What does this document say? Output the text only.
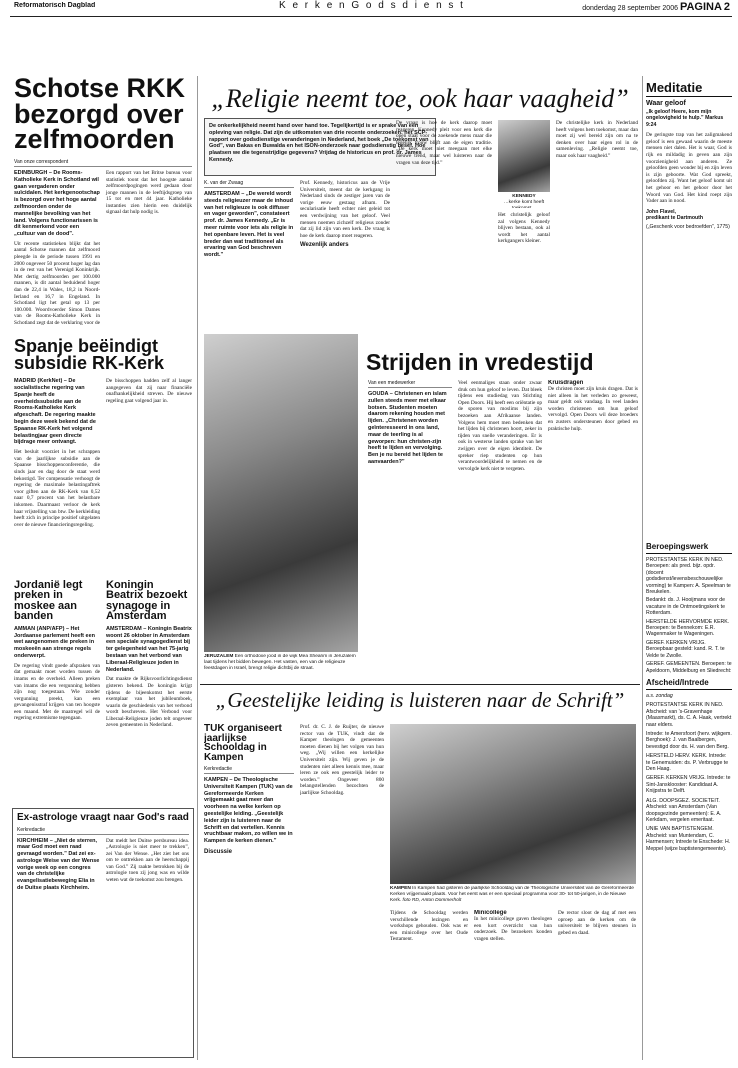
Reformatorisch Dagblad	K e r k e n G o d s d i e n s t	donderdag 28 september 2006 PAGINA 2
Schotse RKK bezorgd over zelfmoorden
Van onze correspondent
EDINBURGH – De Rooms-Katholieke Kerk in Schotland wil gaan vergaderen onder suïcidalen. Het kerkgenootschap is bezorgd over het hoge aantal zelfmoorden onder de mannelijke bevolking van het land. Volgens functionarissen is dit kenmerkend voor een „cultuur van de dood”.
Uit recente statistieken blijkt dat het aantal Schotse mannen dat zelfmoord pleegde in de periode tussen 1991 en 2000 ongeveer 50 procent hoger lag dan in de rest van het Verenigd Koninkrijk. Met dertig zelfmoorden per 100.000 mannen, is dit aantal beduidend hoger dan de 22,4 in Wales, 18,2 in Noord-Ierland en 16,7 in Engeland. In Schotland ligt het getal op 13 per 100.000. Woordvoerder Simon Dames van de Rooms-Katholieke Kerk in Schotland zegt dat de verklaring voor de
Een rapport van het Britse bureau voor statistiek toont dat het hoogste aantal zelfmoordpogingen werd gedaan door jonge mannen in de leeftijdsgroep van 15 tot en met 44 jaar. Katholieke instanties zien hierin een duidelijk signaal dat hulp nodig is.
Spanje beëindigt subsidie RK-Kerk
MADRID (KerkNet) – De socialistische regering van Spanje heeft de overheidssubsidie aan de Rooms-Katholieke Kerk afgeschaft. De regering maakte begin deze week bekend dat de Spaanse RK-Kerk het volgend belastingjaar geen directe bijdrage meer ontvangt.
Het besluit voorziet in het schrappen van de jaarlijkse subsidie aan de Spaanse bisschoppenconferentie, die sinds jaar en dag door de staat werd bekostigd. Ter compensatie verhoogt de regering de maximale belastingaftrek voor giften aan de RK-Kerk van 0,52 naar 0,7 procent van het belastbare inkomen. Daarmaast verloor de kerk haar vrijstelling van btw. De kerkleiding heeft zich in principe positief uitgelaten over de nieuwe financieringsregeling.
De bisschoppen hadden zelf al langer aangegeven dat zij naar financiële onafhankelijkheid streven. De nieuwe regeling gaat volgend jaar in.
Jordanië legt preken in moskee aan banden
AMMAN (ANP/AFP) – Het Jordaanse parlement heeft een wet aangenomen die preken in moskeeën aan strenge regels onderwerpt.
De regering vindt goede afspraken van dat gemaakt moet worden tussen de imams en de overheid. Alleen preken van imams die een vergunning hebben zijn nog toegestaan. Wie zonder vergunning preekt, kan een gevangenisstraf krijgen van ten hoogste een maand. Met de maatregel wil de regering extremisme tegengaan.
Koningin Beatrix bezoekt synagoge in Amsterdam
AMSTERDAM – Koningin Beatrix woont 26 oktober in Amsterdam een speciale synagogedienst bij ter gelegenheid van het 75-jarig bestaan van het verbond van Liberaal-Religieuze joden in Nederland.
Dat maakte de Rijksvoorlichtingsdienst gisteren bekend. De koningin krijgt tijdens de bijeenkomst het eerste exemplaar van het jubileumboek, waarin de geschiedenis van het verbond wordt beschreven. Het Verbond voor Liberaal-Religieuze joden telt ongeveer zeven gemeenten in Nederland.
Ex-astrologe vraagt naar God's raad
Kerkredactie
KIRCHHEIM – „Niet de sterren, maar God moet een raad gevraagd worden.” Dat zei ex-astrologe Weise van der Wense vorige week op een congres van de christelijke evangelisatiebeweging Elia in de Duitse plaats Kirchheim.
Dat meldt het Duitse persbureau idea. „Astrologie is niet meer te trekken”, zei Van der Wense. „Het ziet het ons om te onttrekken aan de heerschappij van God.” Zij raakte betrokken bij de astrologie toen zij jong was en wilde weten wat de toekomst zou brengen.
„Religie neemt toe, ook haar vaagheid”
De onkerkelijkheid neemt hand over hand toe. Tegelijkertijd is er sprake van een opleving van religie. Dat zijn de uitkomsten van drie recente onderzoeken: het SCP-rapport over godsdienstige veranderingen in Nederland, het boek „De toekomst van God”, van Bakas en Buwalda en het ISON-onderzoek naar godsdienstig besef. Hoe plaatsen we die tegenstrijdige gegevens? Vrijdag de historicus en prof. dr. James Kennedy.
K. van der Zwaag
AMSTERDAM – „De wereld wordt steeds religieuzer maar de inhoud van het religieuze is ook diffuser en vager geworden”, constateert prof. dr. James Kennedy. „Er is meer ruimte voor iets als religie in het openbare leven. Het is veel breder dan wat traditioneel als ervaring van God beschreven wordt.”
Prof. Kennedy, historicus aan de Vrije Universiteit, meent dat de kerkgang in Nederland sinds de zestiger jaren van de vorige eeuw gestaag afnam. De secularisatie heeft echter niet geleid tot een verdwijning van het geloof. Veel mensen noemen zichzelf religieus zonder dat zij lid zijn van een kerk. De vraag is hoe de kerk daarop moet reageren.
Wezenlijk anders
De vraag is hoe de kerk daarop moet reageren. Kennedy pleit voor een kerk die open staat voor de zoekende mens maar die tegelijk trouw blijft aan de eigen traditie. „De kerk moet niet meegaan met elke nieuwe trend, maar wel luisteren naar de vragen van deze tijd.”
KENNEDY
…kerke komt heeft
Het christelijk geloof zal volgens Kennedy blijven bestaan, ook al wordt het aantal kerkgangers kleiner.
De christelijke kerk in Nederland heeft volgens hem toekomst, maar dan moet zij wel bereid zijn om na te denken over haar eigen rol in de samenleving. „Religie neemt toe, maar ook haar vaagheid.”
JERUZALEM Een orthodoxe jood in de wijk Mea Shearim in Jeruzalem laat tijdens het bidden bewegen. Het vasten, een van de religieuze feestdagen in Israël, brengt religie dichtbij de straat.
Strijden in vredestijd
Van een medewerker
GOUDA – Christenen en islam zullen steeds meer met elkaar botsen. Studenten moeten daarom rekening houden met lijden. „Christenen worden geïnteresseerd in ons land, maar de teerling is al geworpen: hun christen-zijn heeft te lijden en vervolging. Ben je nu bereid het lijden te aanvaarden?”
Veel eenmaliges staan onder zwaar druk om hun geloof te leven. Dat bleek tijdens een studiedag van Stichting Open Doors. Hij heeft een oriëntatie op de sporen van moslims bij zijn bezoeken aan Afrikaanse landen. Volgens hem moet men bedenken dat het lijden bij christenen hoort, zeker in tijden van snelle veranderingen. Er is ook in westerse landen sprake van het zwijgen over de eigen identiteit. De spreker riep studenten op hun verantwoordelijkheid te nemen en de vervolgde kerk niet te vergeten.
Kruisdragen
De christen moet zijn kruis dragen. Dat is niet alleen in het verleden zo geweest, maar geldt ook vandaag. In veel landen worden christenen om hun geloof vervolgd. Open Doors wil deze broeders en zusters ondersteunen door gebed en praktische hulp.
„Geestelijke leiding is luisteren naar de Schrift”
TUK organiseert jaarlijkse Schooldag in Kampen
Kerkredactie
KAMPEN – De Theologische Universiteit Kampen (TUK) van de Gereformeerde Kerken vrijgemaakt gaat meer dan voorheen na welke kerken op geestelijke leiding. „Geestelijk leider zijn is luisteren naar de Schrift en dat vertellen. Kennis vruchtbaar maken, zo willen we in Kampen de kerken dienen.”
Discussie
Prof. dr. C. J. de Ruijter, de nieuwe rector van de TUK, vindt dat de Kamper theologen de gemeenten moeten dienen bij het volgen van hun weg. „Wij willen een kerkelijke Universiteit zijn. Wij geven je de studenten niet alleen kennis mee, maar leren ze ook een geestelijk leider te worden.” Ongeveer 800 belangstellenden bezochten de jaarlijkse Schooldag.
KAMPEN In Kampen had gisteren de jaarlijkse Schooldag van de Theologische Universiteit van de Gereformeerde Kerken vrijgemaakt plaats. Voor het eerst was er een speciaal programma voor 30- tot 50-jarigen, in de Nieuwe Kerk. foto RD, Anton Dommerholt
Tijdens de Schooldag werden verschillende lezingen en workshops gehouden. Ook was er een minicollege over het Oude Testament.
Minicollege
In het minicollege gaven theologen een kort overzicht van hun onderzoek. De bezoekers konden vragen stellen.
De rector sloot de dag af met een oproep aan de kerken om de universiteit te blijven steunen in gebed en daad.
Meditatie
Waar geloof
„Ik geloof Heere, kom mijn ongelovigheid te hulp.” Markus 9:24
De geringste trap van het zaligmakend geloof is een gewaad waarin de meeste mensen niet dalen. Het is waar, God is rijk en mildadig in geven aan zijn voorzienigheid aan anderen. Ze geloofden geen wonder bij en zijn leven is zijn geboorte. Wat God spreekt, geloofden zij. Want het geloof komt uit het gehoor en het gehoor door het Woord van God. Het kind roept zijn Vader aan in nood.
John Flavel,
predikant te Dartmouth
(„Geschenk voor bedroefden”, 1775)
Beroepingswerk
PROTESTANTSE KERK IN NED. Beroepen: als pred. bijz. opdr. (docent godsdienst/levensbeschouwelijke vorming) te Kampen: A. Speelman te Breukelen.
Bedankt: ds. J. Hooijmans voor de vacature in de Ontmoetingskerk te Rotterdam.
HERSTELDE HERVORMDE KERK. Beroepen: te Bennekom: E.R. Wagenmaker te Wageningen.
GEREF. KERKEN VRIJG. Beroepbaar gesteld: kand. R. T. te Velde te Zwolle.
GEREF. GEMEENTEN. Beroepen: te Apeldoorn, Middelburg en Sliedrecht:
Afscheid/Intrede
a.s. zondag
PROTESTANTSE KERK IN NED. Afscheid: van 's-Gravenhage (Maasmarkt), ds. C. A. Haak, vertrekt naar elders.
Intrede: te Amersfoort (herv. wijkgem. Berghoek): J. van Baalbergen, bevestigd door ds. H. van den Berg.
HERSTELD HERV. KERK. Intrede: te Genemuiden: ds. P. Verbrugge te Den Haag.
GEREF. KERKEN VRIJG. Intrede: te Sint-Jansklooster: Kandidaat A. Knijpstra te Delft.
ALG. DOOPSGEZ. SOCIETEIT. Afscheid: van Amsterdam (Van doopsgezinde gemeenten): E. A. Kerkdam, vergelen emeritaat.
UNIE VAN BAPTISTENGEM. Afscheid: van Muntendam, C. Harmensen; Intrede te Enschede: H. Meppel (wijze baptistengemeente).
